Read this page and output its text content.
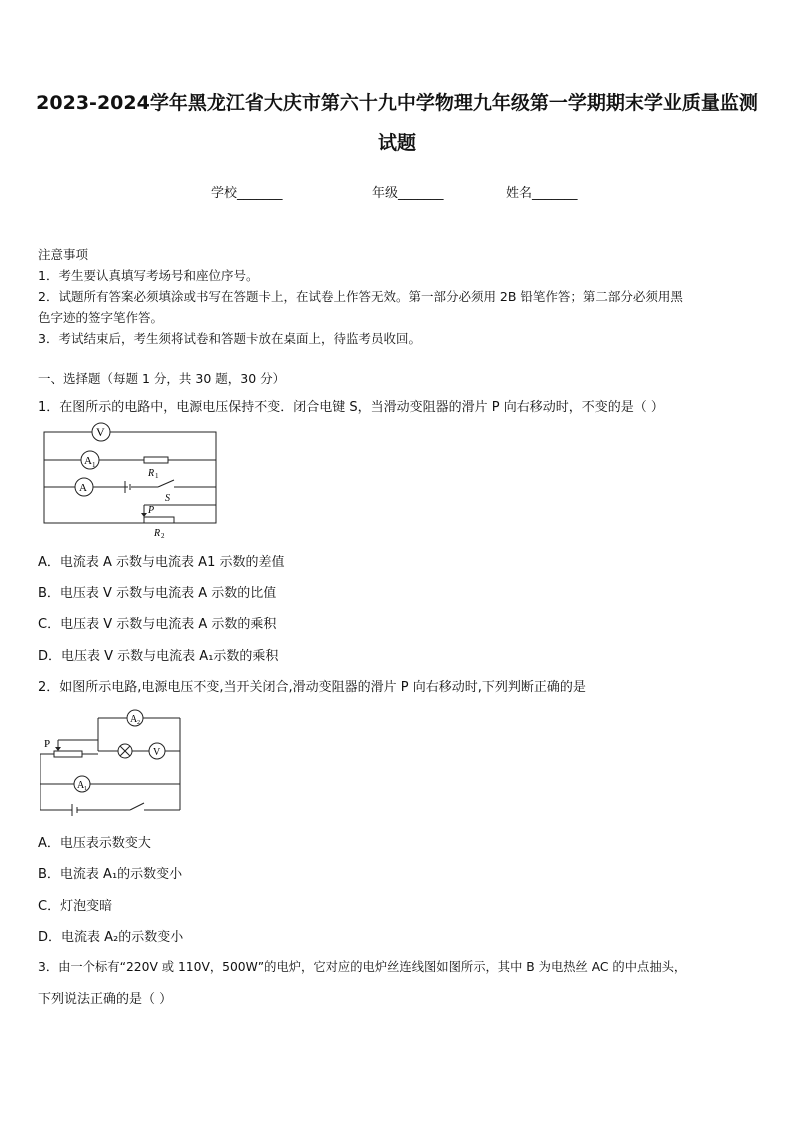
2023-2024学年黑龙江省大庆市第六十九中学物理九年级第一学期期末学业质量监测
试题
学校_______	年级_______	姓名_______
注意事项
1．考生要认真填写考场号和座位序号。
2．试题所有答案必须填涂或书写在答题卡上，在试卷上作答无效。第一部分必须用 2B 铅笔作答；第二部分必须用黑
色字迹的签字笔作答。
3．考试结束后，考生须将试卷和答题卡放在桌面上，待监考员收回。
一、选择题（每题 1 分，共 30 题，30 分）
1．在图所示的电路中，电源电压保持不变．闭合电键 S，当滑动变阻器的滑片 P 向右移动时，不变的是（ ）
V
A 1
A
R 1
S
P
R 2
A．电流表 A 示数与电流表 A1 示数的差值
B．电压表 V 示数与电流表 A 示数的比值
C．电压表 V 示数与电流表 A 示数的乘积
D．电压表 V 示数与电流表 A₁示数的乘积
2．如图所示电路,电源电压不变,当开关闭合,滑动变阻器的滑片 P 向右移动时,下列判断正确的是
A 2
V
P
A 1
A．电压表示数变大
B．电流表 A₁的示数变小
C．灯泡变暗
D．电流表 A₂的示数变小
3．由一个标有“220V 或 110V，500W”的电炉，它对应的电炉丝连线图如图所示，其中 B 为电热丝 AC 的中点抽头，
下列说法正确的是（ ）
